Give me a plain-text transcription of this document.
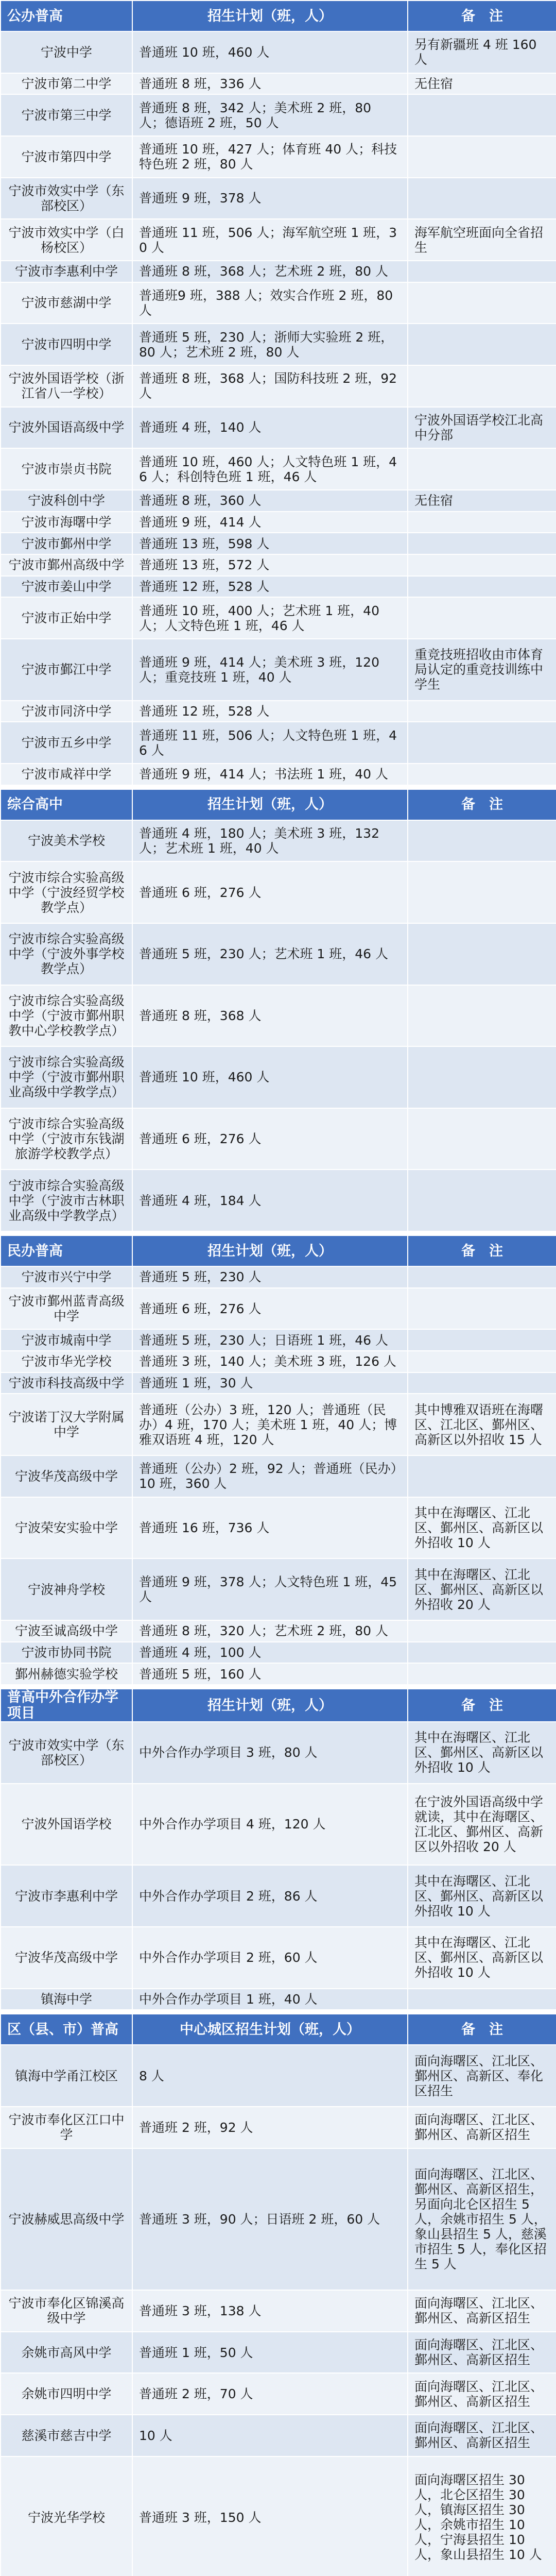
公办普高	招生计划（班，人）	备　注
宁波中学	普通班 10 班，460 人	另有新疆班 4 班 160 人
宁波市第二中学	普通班 8 班，336 人	无住宿
宁波市第三中学	普通班 8 班，342 人；美术班 2 班，80 人；德语班 2 班，50 人	
宁波市第四中学	普通班 10 班，427 人；体育班 40 人；科技特色班 2 班，80 人	
宁波市效实中学（东部校区）	普通班 9 班，378 人	
宁波市效实中学（白杨校区）	普通班 11 班，506 人；海军航空班 1 班，30 人	海军航空班面向全省招生
宁波市李惠利中学	普通班 8 班，368 人；艺术班 2 班，80 人	
宁波市慈湖中学	普通班9 班，388 人；效实合作班 2 班，80 人	
宁波市四明中学	普通班 5 班，230 人；浙师大实验班 2 班，80 人；艺术班 2 班，80 人	
宁波外国语学校（浙江省八一学校）	普通班 8 班，368 人；国防科技班 2 班，92 人	
宁波外国语高级中学	普通班 4 班，140 人	宁波外国语学校江北高中分部
宁波市崇贞书院	普通班 10 班，460 人；人文特色班 1 班，46 人；科创特色班 1 班，46 人	
宁波科创中学	普通班 8 班，360 人	无住宿
宁波市海曙中学	普通班 9 班，414 人	
宁波市鄞州中学	普通班 13 班，598 人	
宁波市鄞州高级中学	普通班 13 班，572 人	
宁波市姜山中学	普通班 12 班，528 人	
宁波市正始中学	普通班 10 班，400 人；艺术班 1 班，40 人；人文特色班 1 班，46 人	
宁波市鄞江中学	普通班 9 班，414 人；美术班 3 班，120 人；重竞技班 1 班，40 人	重竞技班招收由市体育局认定的重竞技训练中学生
宁波市同济中学	普通班 12 班，528 人	
宁波市五乡中学	普通班 11 班，506 人；人文特色班 1 班，46 人	
宁波市咸祥中学	普通班 9 班，414 人；书法班 1 班，40 人	
综合高中	招生计划（班，人）	备　注
宁波美术学校	普通班 4 班，180 人；美术班 3 班，132 人；艺术班 1 班，40 人	
宁波市综合实验高级中学（宁波经贸学校教学点）	普通班 6 班，276 人	
宁波市综合实验高级中学（宁波外事学校教学点）	普通班 5 班，230 人；艺术班 1 班，46 人	
宁波市综合实验高级中学（宁波市鄞州职教中心学校教学点）	普通班 8 班，368 人	
宁波市综合实验高级中学（宁波市鄞州职业高级中学教学点）	普通班 10 班，460 人	
宁波市综合实验高级中学（宁波市东钱湖旅游学校教学点）	普通班 6 班，276 人	
宁波市综合实验高级中学（宁波市古林职业高级中学教学点）	普通班 4 班，184 人	
民办普高	招生计划（班，人）	备　注
宁波市兴宁中学	普通班 5 班，230 人	
宁波市鄞州蓝青高级中学	普通班 6 班，276 人	
宁波市城南中学	普通班 5 班，230 人；日语班 1 班，46 人	
宁波市华光学校	普通班 3 班，140 人；美术班 3 班，126 人	
宁波市科技高级中学	普通班 1 班，30 人	
宁波诺丁汉大学附属中学	普通班（公办）3 班，120 人；普通班（民办）4 班，170 人；美术班 1 班，40 人；博雅双语班 4 班，120 人	其中博雅双语班在海曙区、江北区、鄞州区、高新区以外招收 15 人
宁波华茂高级中学	普通班（公办）2 班，92 人；普通班（民办）10 班，360 人	
宁波荣安实验中学	普通班 16 班，736 人	其中在海曙区、江北区、鄞州区、高新区以外招收 10 人
宁波神舟学校	普通班 9 班，378 人；人文特色班 1 班，45 人	其中在海曙区、江北区、鄞州区、高新区以外招收 20 人
宁波至诚高级中学	普通班 8 班，320 人；艺术班 2 班，80 人	
宁波市协同书院	普通班 4 班，100 人	
鄞州赫德实验学校	普通班 5 班，160 人	
普高中外合作办学项目	招生计划（班，人）	备　注
宁波市效实中学（东部校区）	中外合作办学项目 3 班，80 人	其中在海曙区、江北区、鄞州区、高新区以外招收 10 人
宁波外国语学校	中外合作办学项目 4 班，120 人	在宁波外国语高级中学就读，其中在海曙区、江北区、鄞州区、高新区以外招收 20 人
宁波市李惠利中学	中外合作办学项目 2 班，86 人	其中在海曙区、江北区、鄞州区、高新区以外招收 10 人
宁波华茂高级中学	中外合作办学项目 2 班，60 人	其中在海曙区、江北区、鄞州区、高新区以外招收 10 人
镇海中学	中外合作办学项目 1 班，40 人	
区（县、市）普高	中心城区招生计划（班，人）	备　注
镇海中学甬江校区	8 人	面向海曙区、江北区、鄞州区、高新区、奉化区招生
宁波市奉化区江口中学	普通班 2 班，92 人	面向海曙区、江北区、鄞州区、高新区招生
宁波赫威思高级中学	普通班 3 班，90 人；日语班 2 班，60 人	面向海曙区、江北区、鄞州区、高新区招生，另面向北仑区招生 5 人，余姚市招生 5 人，象山县招生 5 人，慈溪市招生 5 人，奉化区招生 5 人
宁波市奉化区锦溪高级中学	普通班 3 班，138 人	面向海曙区、江北区、鄞州区、高新区招生
余姚市高风中学	普通班 1 班，50 人	面向海曙区、江北区、鄞州区、高新区招生
余姚市四明中学	普通班 2 班，70 人	面向海曙区、江北区、鄞州区、高新区招生
慈溪市慈吉中学	10 人	面向海曙区、江北区、鄞州区、高新区招生
宁波光华学校	普通班 3 班，150 人	面向海曙区招生 30 人，北仑区招生 30 人，镇海区招生 30 人，余姚市招生 10 人，宁海县招生 10 人，象山县招生 10 人
